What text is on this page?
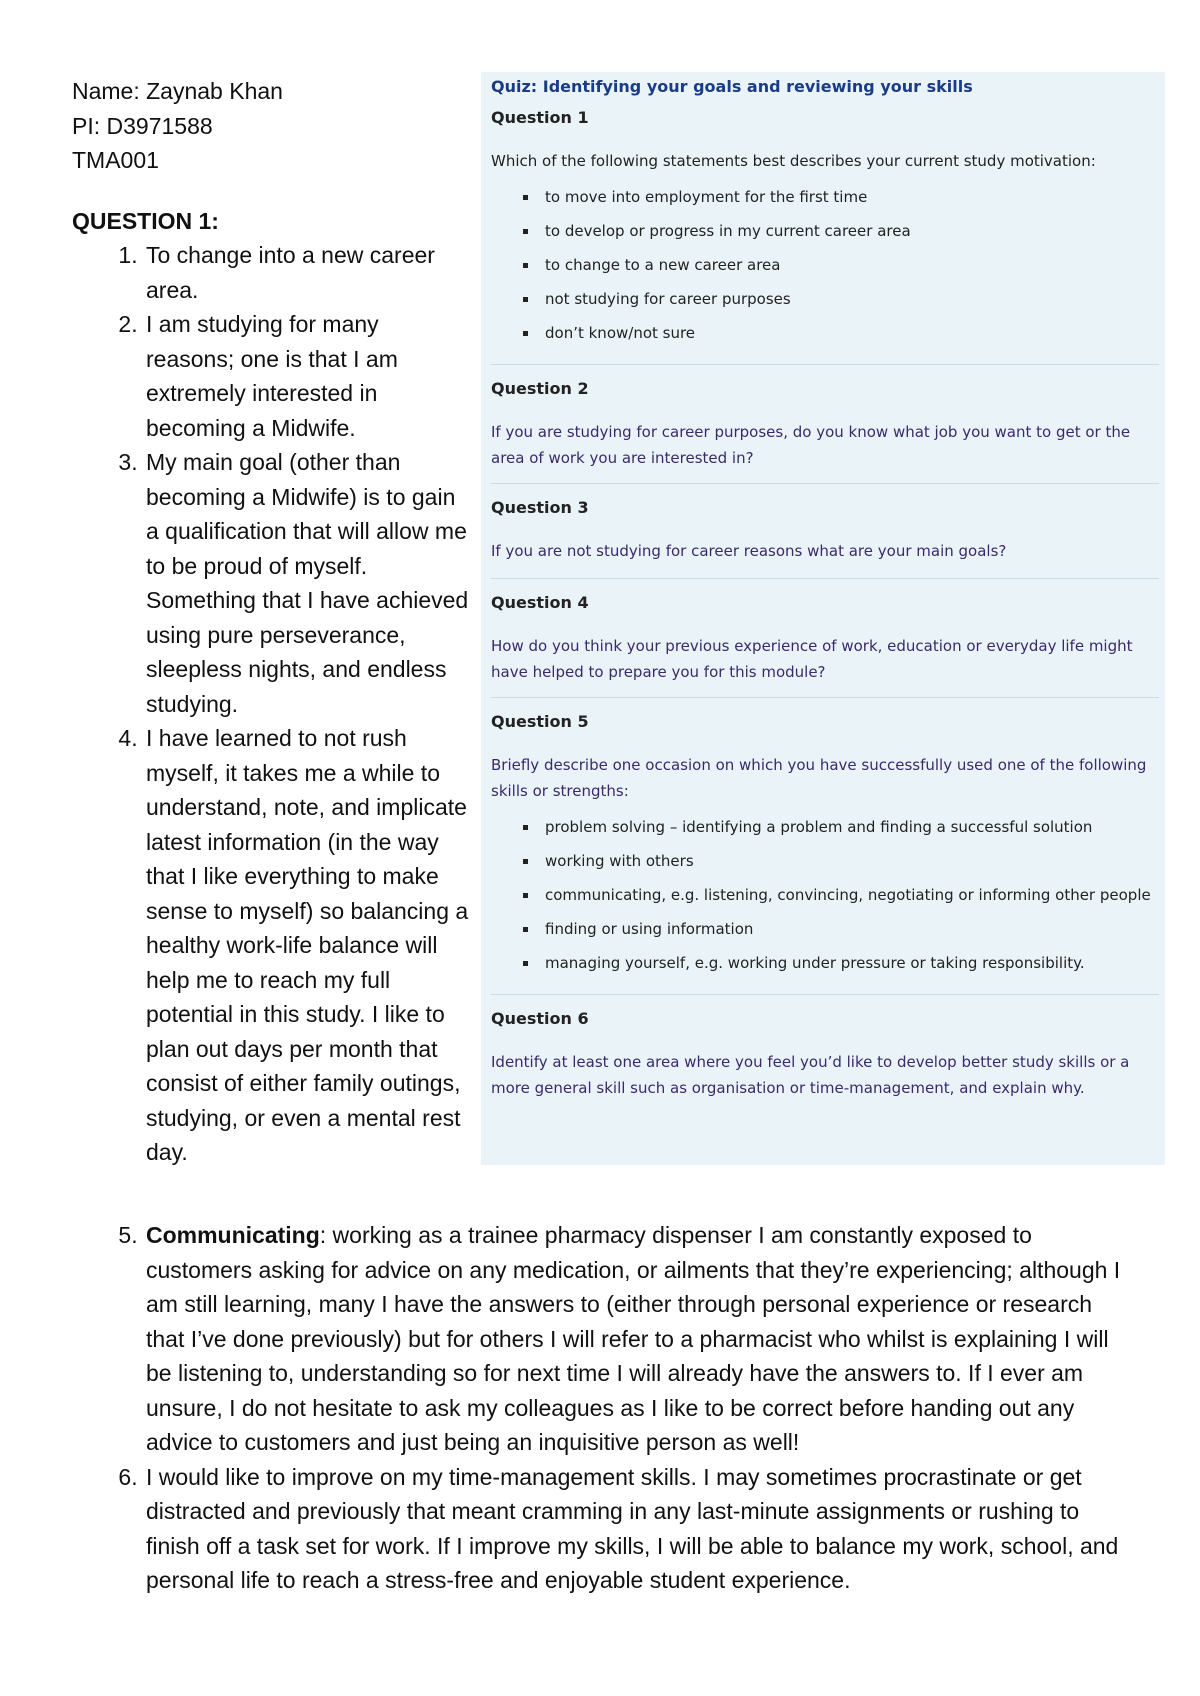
Name: Zaynab Khan

PI: D3971588

TMA001

QUESTION 1:

1. To change into a new career area.
2. I am studying for many reasons; one is that I am extremely interested in becoming a Midwife.
3. My main goal (other than becoming a Midwife) is to gain a qualification that will allow me to be proud of myself. Something that I have achieved using pure perseverance, sleepless nights, and endless studying.
4. I have learned to not rush myself, it takes me a while to understand, note, and implicate latest information (in the way that I like everything to make sense to myself) so balancing a healthy work-life balance will help me to reach my full potential in this study. I like to plan out days per month that consist of either family outings, studying, or even a mental rest day.
5. Communicating: working as a trainee pharmacy dispenser I am constantly exposed to customers asking for advice on any medication, or ailments that they’re experiencing; although I am still learning, many I have the answers to (either through personal experience or research that I’ve done previously) but for others I will refer to a pharmacist who whilst is explaining I will be listening to, understanding so for next time I will already have the answers to. If I ever am unsure, I do not hesitate to ask my colleagues as I like to be correct before handing out any advice to customers and just being an inquisitive person as well!
6. I would like to improve on my time-management skills. I may sometimes procrastinate or get distracted and previously that meant cramming in any last-minute assignments or rushing to finish off a task set for work. If I improve my skills, I will be able to balance my work, school, and personal life to reach a stress-free and enjoyable student experience.
Quiz: Identifying your goals and reviewing your skills

Question 1

Which of the following statements best describes your current study motivation:

to move into employment for the first time
to develop or progress in my current career area
to change to a new career area
not studying for career purposes
don’t know/not sure

Question 2

If you are studying for career purposes, do you know what job you want to get or the area of work you are interested in?

Question 3

If you are not studying for career reasons what are your main goals?

Question 4

How do you think your previous experience of work, education or everyday life might have helped to prepare you for this module?

Question 5

Briefly describe one occasion on which you have successfully used one of the following skills or strengths:

problem solving – identifying a problem and finding a successful solution
working with others
communicating, e.g. listening, convincing, negotiating or informing other people
finding or using information
managing yourself, e.g. working under pressure or taking responsibility.

Question 6

Identify at least one area where you feel you’d like to develop better study skills or a more general skill such as organisation or time-management, and explain why.
